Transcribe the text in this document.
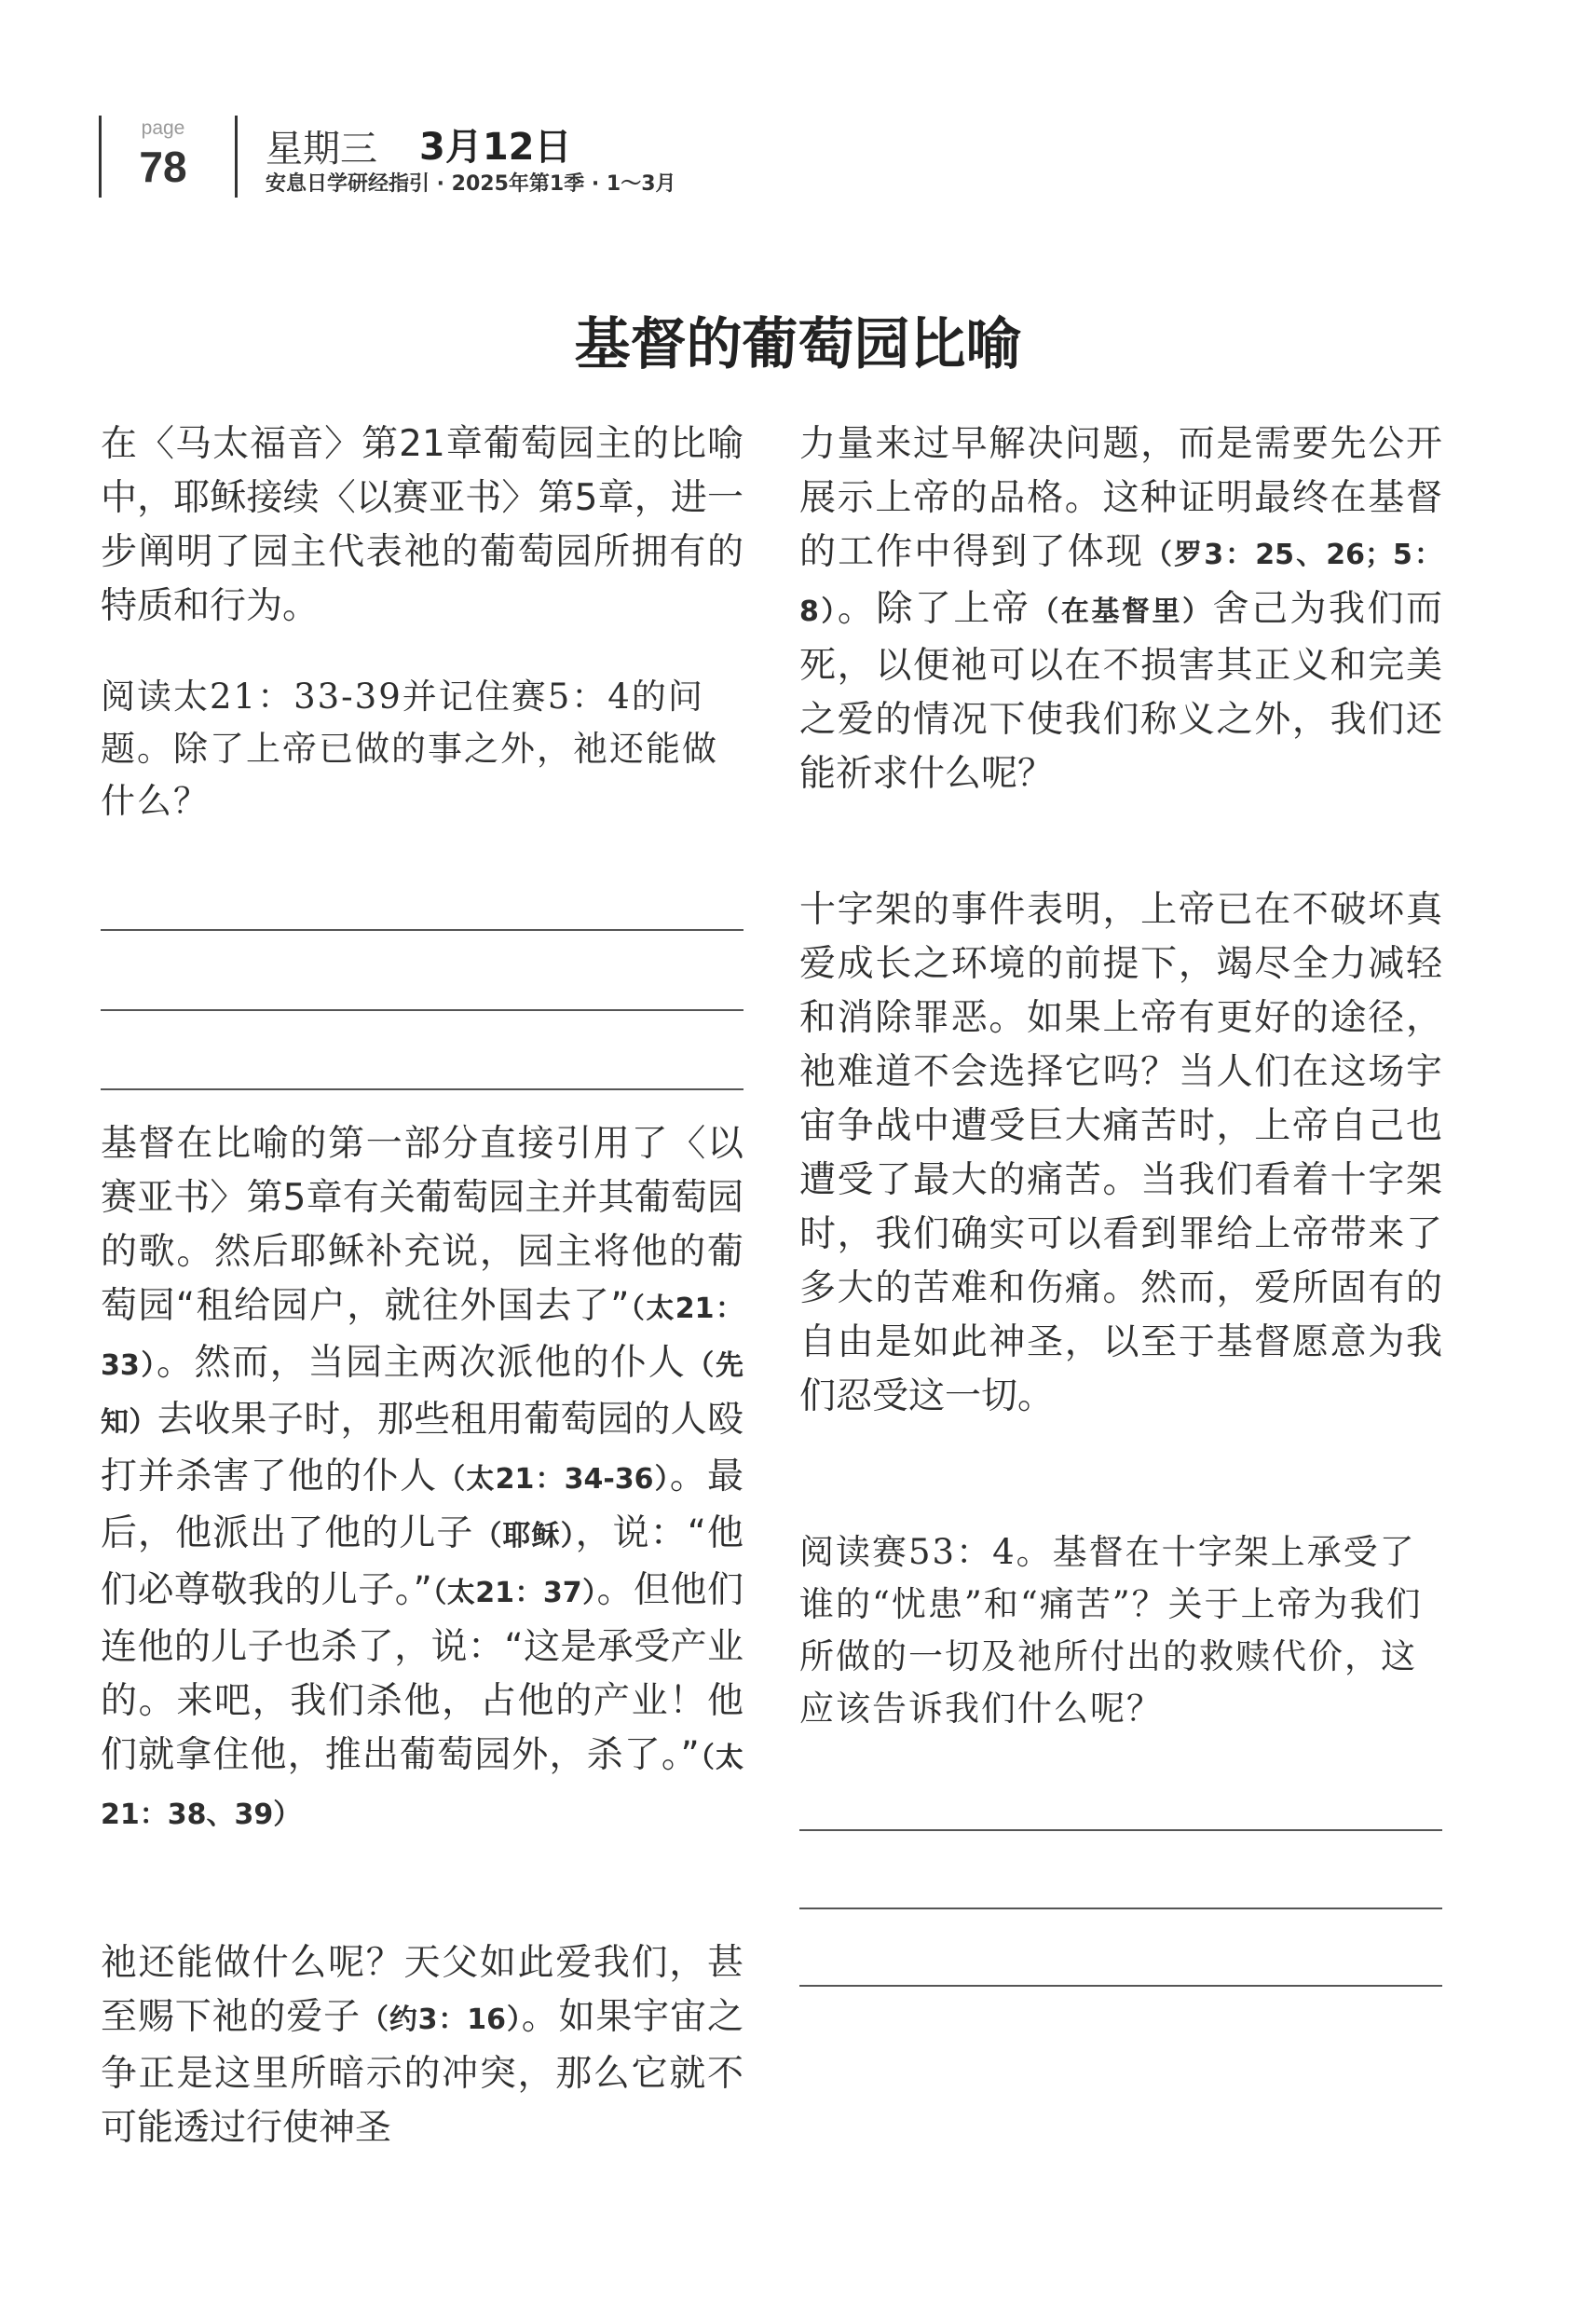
page
78	星期三 3月12日
安息日学研经指引 · 2025年第1季 · 1～3月
基督的葡萄园比喻
在〈马太福音〉第21章葡萄园主的比喻中，耶稣接续〈以赛亚书〉第5章，进一步阐明了园主代表祂的葡萄园所拥有的特质和行为。
阅读太21：33-39并记住赛5：4的问题。除了上帝已做的事之外，祂还能做什么？
基督在比喻的第一部分直接引用了〈以赛亚书〉第5章有关葡萄园主并其葡萄园的歌。然后耶稣补充说，园主将他的葡萄园“租给园户，就往外国去了”（太21：33）。然而，当园主两次派他的仆人（先知）去收果子时，那些租用葡萄园的人殴打并杀害了他的仆人（太21：34-36）。最后，他派出了他的儿子（耶稣），说：“他们必尊敬我的儿子。”（太21：37）。但他们连他的儿子也杀了，说：“这是承受产业的。来吧，我们杀他，占他的产业！他们就拿住他，推出葡萄园外，杀了。”（太21：38、39）
祂还能做什么呢？天父如此爱我们，甚至赐下祂的爱子（约3：16）。如果宇宙之争正是这里所暗示的冲突，那么它就不可能透过行使神圣
力量来过早解决问题，而是需要先公开展示上帝的品格。这种证明最终在基督的工作中得到了体现（罗3：25、26；5：8）。除了上帝（在基督里）舍己为我们而死，以便祂可以在不损害其正义和完美之爱的情况下使我们称义之外，我们还能祈求什么呢？
十字架的事件表明，上帝已在不破坏真爱成长之环境的前提下，竭尽全力减轻和消除罪恶。如果上帝有更好的途径，祂难道不会选择它吗？当人们在这场宇宙争战中遭受巨大痛苦时，上帝自己也遭受了最大的痛苦。当我们看着十字架时，我们确实可以看到罪给上帝带来了多大的苦难和伤痛。然而，爱所固有的自由是如此神圣，以至于基督愿意为我们忍受这一切。
阅读赛53：4。基督在十字架上承受了谁的“忧患”和“痛苦”？关于上帝为我们所做的一切及祂所付出的救赎代价，这应该告诉我们什么呢？
